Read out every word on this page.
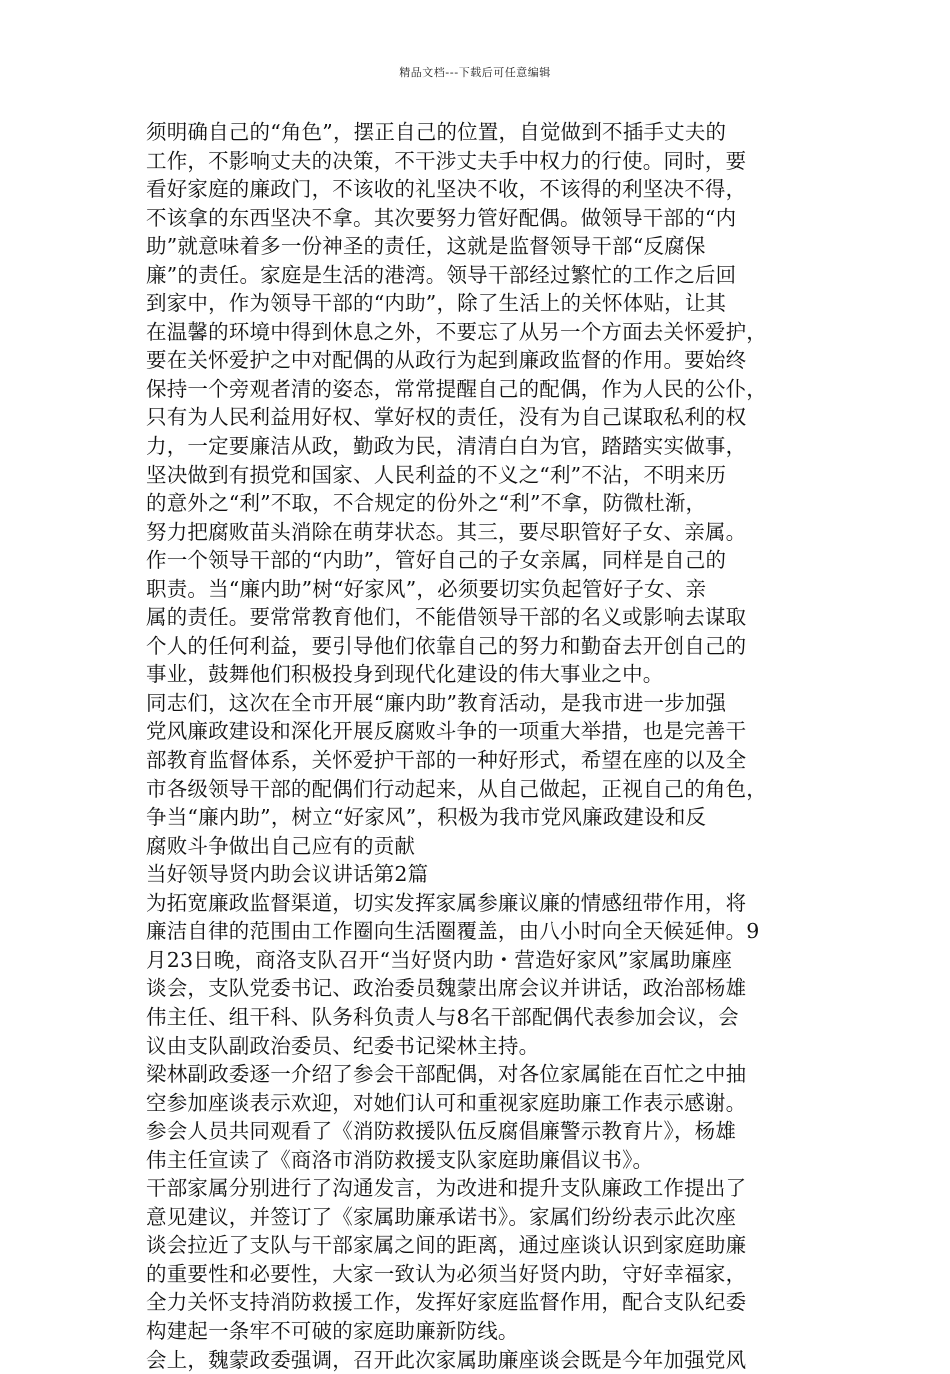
精品文档---下载后可任意编辑
须明确自己的“角色”，摆正自己的位置，自觉做到不插手丈夫的
工作，不影响丈夫的决策，不干涉丈夫手中权力的行使。同时，要
看好家庭的廉政门，不该收的礼坚决不收，不该得的利坚决不得，
不该拿的东西坚决不拿。其次要努力管好配偶。做领导干部的“内
助”就意味着多一份神圣的责任，这就是监督领导干部“反腐保
廉”的责任。家庭是生活的港湾。领导干部经过繁忙的工作之后回
到家中，作为领导干部的“内助”，除了生活上的关怀体贴，让其
在温馨的环境中得到休息之外，不要忘了从另一个方面去关怀爱护，
要在关怀爱护之中对配偶的从政行为起到廉政监督的作用。要始终
保持一个旁观者清的姿态，常常提醒自己的配偶，作为人民的公仆，
只有为人民利益用好权、掌好权的责任，没有为自己谋取私利的权
力，一定要廉洁从政，勤政为民，清清白白为官，踏踏实实做事，
坚决做到有损党和国家、人民利益的不义之“利”不沾，不明来历
的意外之“利”不取，不合规定的份外之“利”不拿，防微杜渐，
努力把腐败苗头消除在萌芽状态。其三，要尽职管好子女、亲属。
作一个领导干部的“内助”，管好自己的子女亲属，同样是自己的
职责。当“廉内助”树“好家风”，必须要切实负起管好子女、亲
属的责任。要常常教育他们，不能借领导干部的名义或影响去谋取
个人的任何利益，要引导他们依靠自己的努力和勤奋去开创自己的
事业，鼓舞他们积极投身到现代化建设的伟大事业之中。
同志们，这次在全市开展“廉内助”教育活动，是我市进一步加强
党风廉政建设和深化开展反腐败斗争的一项重大举措，也是完善干
部教育监督体系，关怀爱护干部的一种好形式，希望在座的以及全
市各级领导干部的配偶们行动起来，从自己做起，正视自己的角色，
争当“廉内助”，树立“好家风”，积极为我市党风廉政建设和反
腐败斗争做出自己应有的贡献
当好领导贤内助会议讲话第2篇
为拓宽廉政监督渠道，切实发挥家属参廉议廉的情感纽带作用，将
廉洁自律的范围由工作圈向生活圈覆盖，由八小时向全天候延伸。9
月23日晚，商洛支队召开“当好贤内助・营造好家风”家属助廉座
谈会，支队党委书记、政治委员魏蒙出席会议并讲话，政治部杨雄
伟主任、组干科、队务科负责人与8名干部配偶代表参加会议，会
议由支队副政治委员、纪委书记梁林主持。
梁林副政委逐一介绍了参会干部配偶，对各位家属能在百忙之中抽
空参加座谈表示欢迎，对她们认可和重视家庭助廉工作表示感谢。
参会人员共同观看了《消防救援队伍反腐倡廉警示教育片》，杨雄
伟主任宣读了《商洛市消防救援支队家庭助廉倡议书》。
干部家属分别进行了沟通发言，为改进和提升支队廉政工作提出了
意见建议，并签订了《家属助廉承诺书》。家属们纷纷表示此次座
谈会拉近了支队与干部家属之间的距离，通过座谈认识到家庭助廉
的重要性和必要性，大家一致认为必须当好贤内助，守好幸福家，
全力关怀支持消防救援工作，发挥好家庭监督作用，配合支队纪委
构建起一条牢不可破的家庭助廉新防线。
会上，魏蒙政委强调，召开此次家属助廉座谈会既是今年加强党风
